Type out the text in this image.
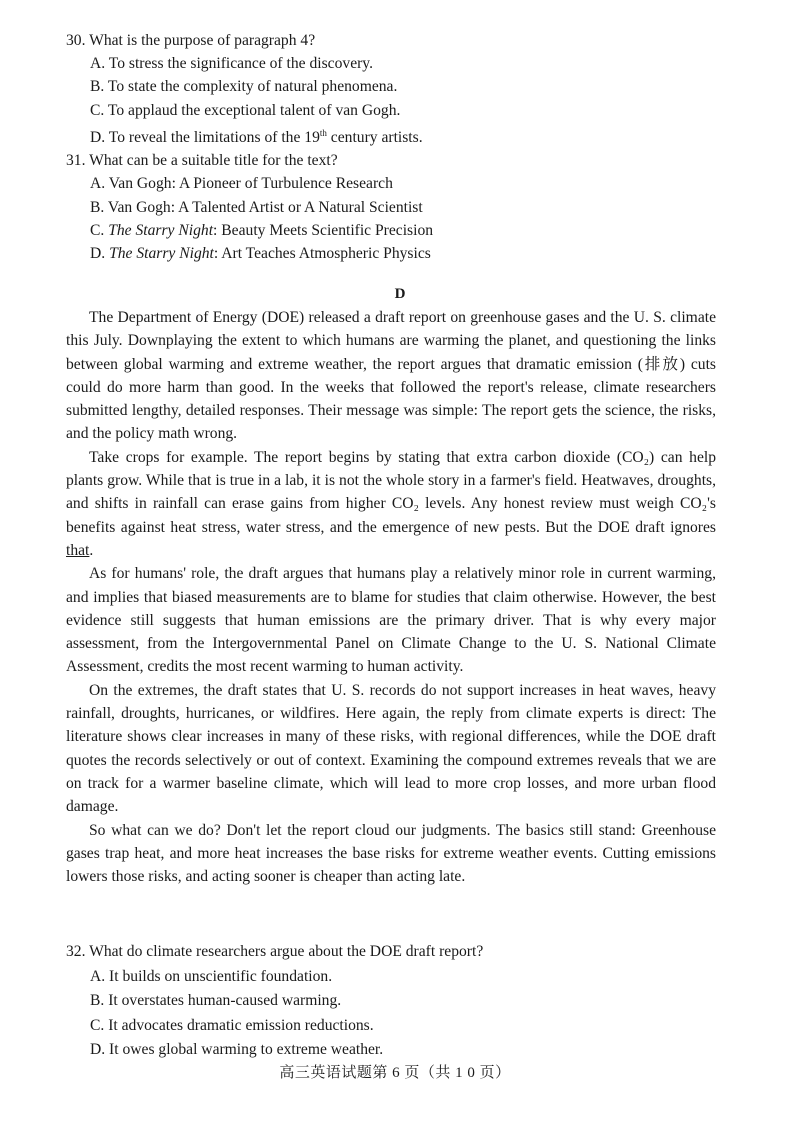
30. What is the purpose of paragraph 4?
A. To stress the significance of the discovery.
B. To state the complexity of natural phenomena.
C. To applaud the exceptional talent of van Gogh.
D. To reveal the limitations of the 19th century artists.
31. What can be a suitable title for the text?
A. Van Gogh: A Pioneer of Turbulence Research
B. Van Gogh: A Talented Artist or A Natural Scientist
C. The Starry Night: Beauty Meets Scientific Precision
D. The Starry Night: Art Teaches Atmospheric Physics
D

The Department of Energy (DOE) released a draft report on greenhouse gases and the U. S. climate this July. Downplaying the extent to which humans are warming the planet, and questioning the links between global warming and extreme weather, the report argues that dramatic emission (排放) cuts could do more harm than good. In the weeks that followed the report's release, climate researchers submitted lengthy, detailed responses. Their message was simple: The report gets the science, the risks, and the policy math wrong.

Take crops for example. The report begins by stating that extra carbon dioxide (CO₂) can help plants grow. While that is true in a lab, it is not the whole story in a farmer's field. Heatwaves, droughts, and shifts in rainfall can erase gains from higher CO₂ levels. Any honest review must weigh CO₂'s benefits against heat stress, water stress, and the emergence of new pests. But the DOE draft ignores that.

As for humans' role, the draft argues that humans play a relatively minor role in current warming, and implies that biased measurements are to blame for studies that claim otherwise. However, the best evidence still suggests that human emissions are the primary driver. That is why every major assessment, from the Intergovernmental Panel on Climate Change to the U. S. National Climate Assessment, credits the most recent warming to human activity.

On the extremes, the draft states that U. S. records do not support increases in heat waves, heavy rainfall, droughts, hurricanes, or wildfires. Here again, the reply from climate experts is direct: The literature shows clear increases in many of these risks, with regional differences, while the DOE draft quotes the records selectively or out of context. Examining the compound extremes reveals that we are on track for a warmer baseline climate, which will lead to more crop losses, and more urban flood damage.

So what can we do? Don't let the report cloud our judgments. The basics still stand: Greenhouse gases trap heat, and more heat increases the base risks for extreme weather events. Cutting emissions lowers those risks, and acting sooner is cheaper than acting late.

32. What do climate researchers argue about the DOE draft report?
A. It builds on unscientific foundation.
B. It overstates human-caused warming.
C. It advocates dramatic emission reductions.
D. It owes global warming to extreme weather.
高三英语试题第 6 页（共 1 0 页）
